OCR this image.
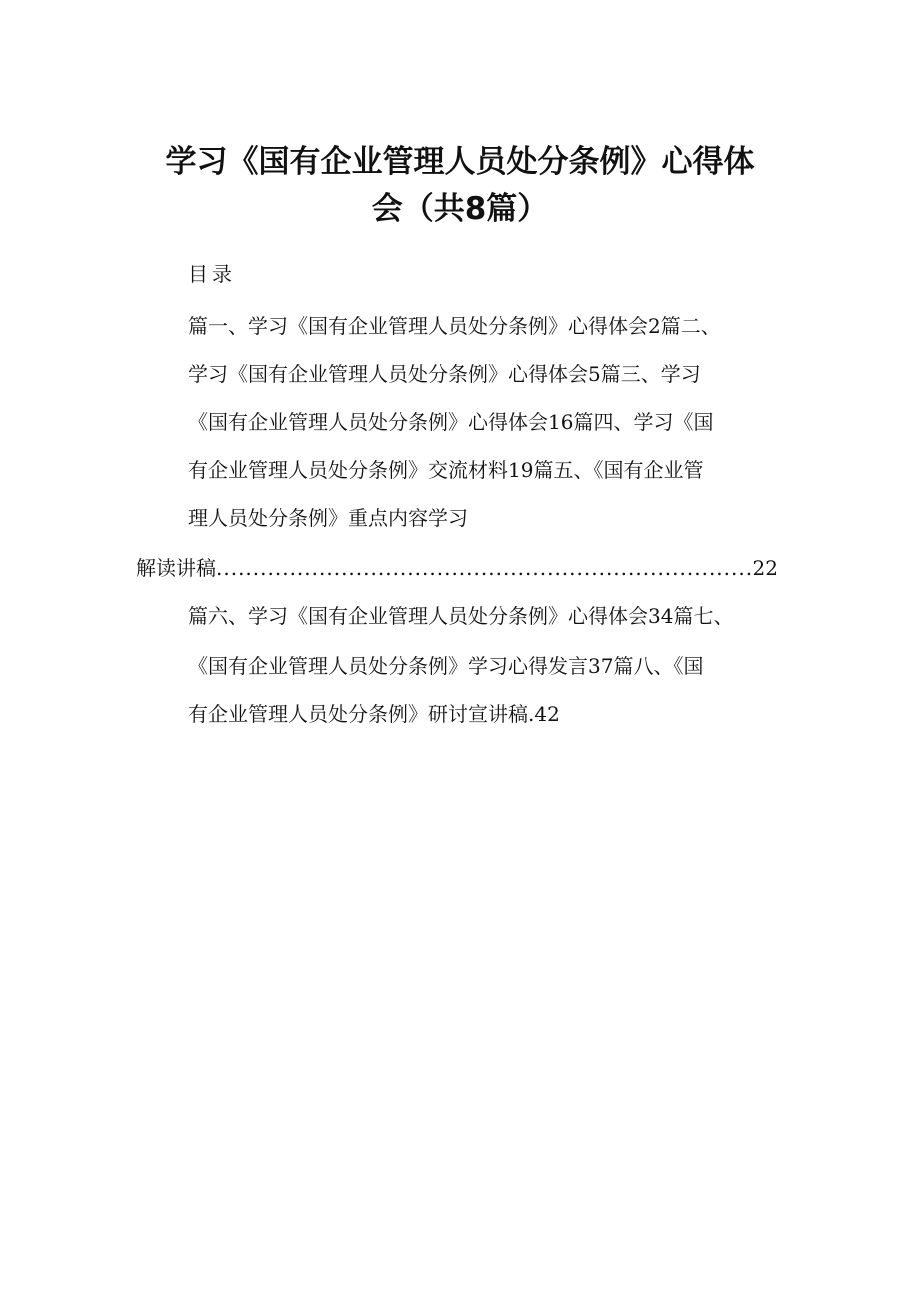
学习《国有企业管理人员处分条例》心得体
会（共8篇）
目录
篇一、学习《国有企业管理人员处分条例》心得体会2篇二、
学习《国有企业管理人员处分条例》心得体会5篇三、学习
《国有企业管理人员处分条例》心得体会16篇四、学习《国
有企业管理人员处分条例》交流材料19篇五、《国有企业管
理人员处分条例》重点内容学习
解读讲稿
.....	22
篇六、学习《国有企业管理人员处分条例》心得体会34篇七、
《国有企业管理人员处分条例》学习心得发言37篇八、《国
有企业管理人员处分条例》研讨宣讲稿.42
